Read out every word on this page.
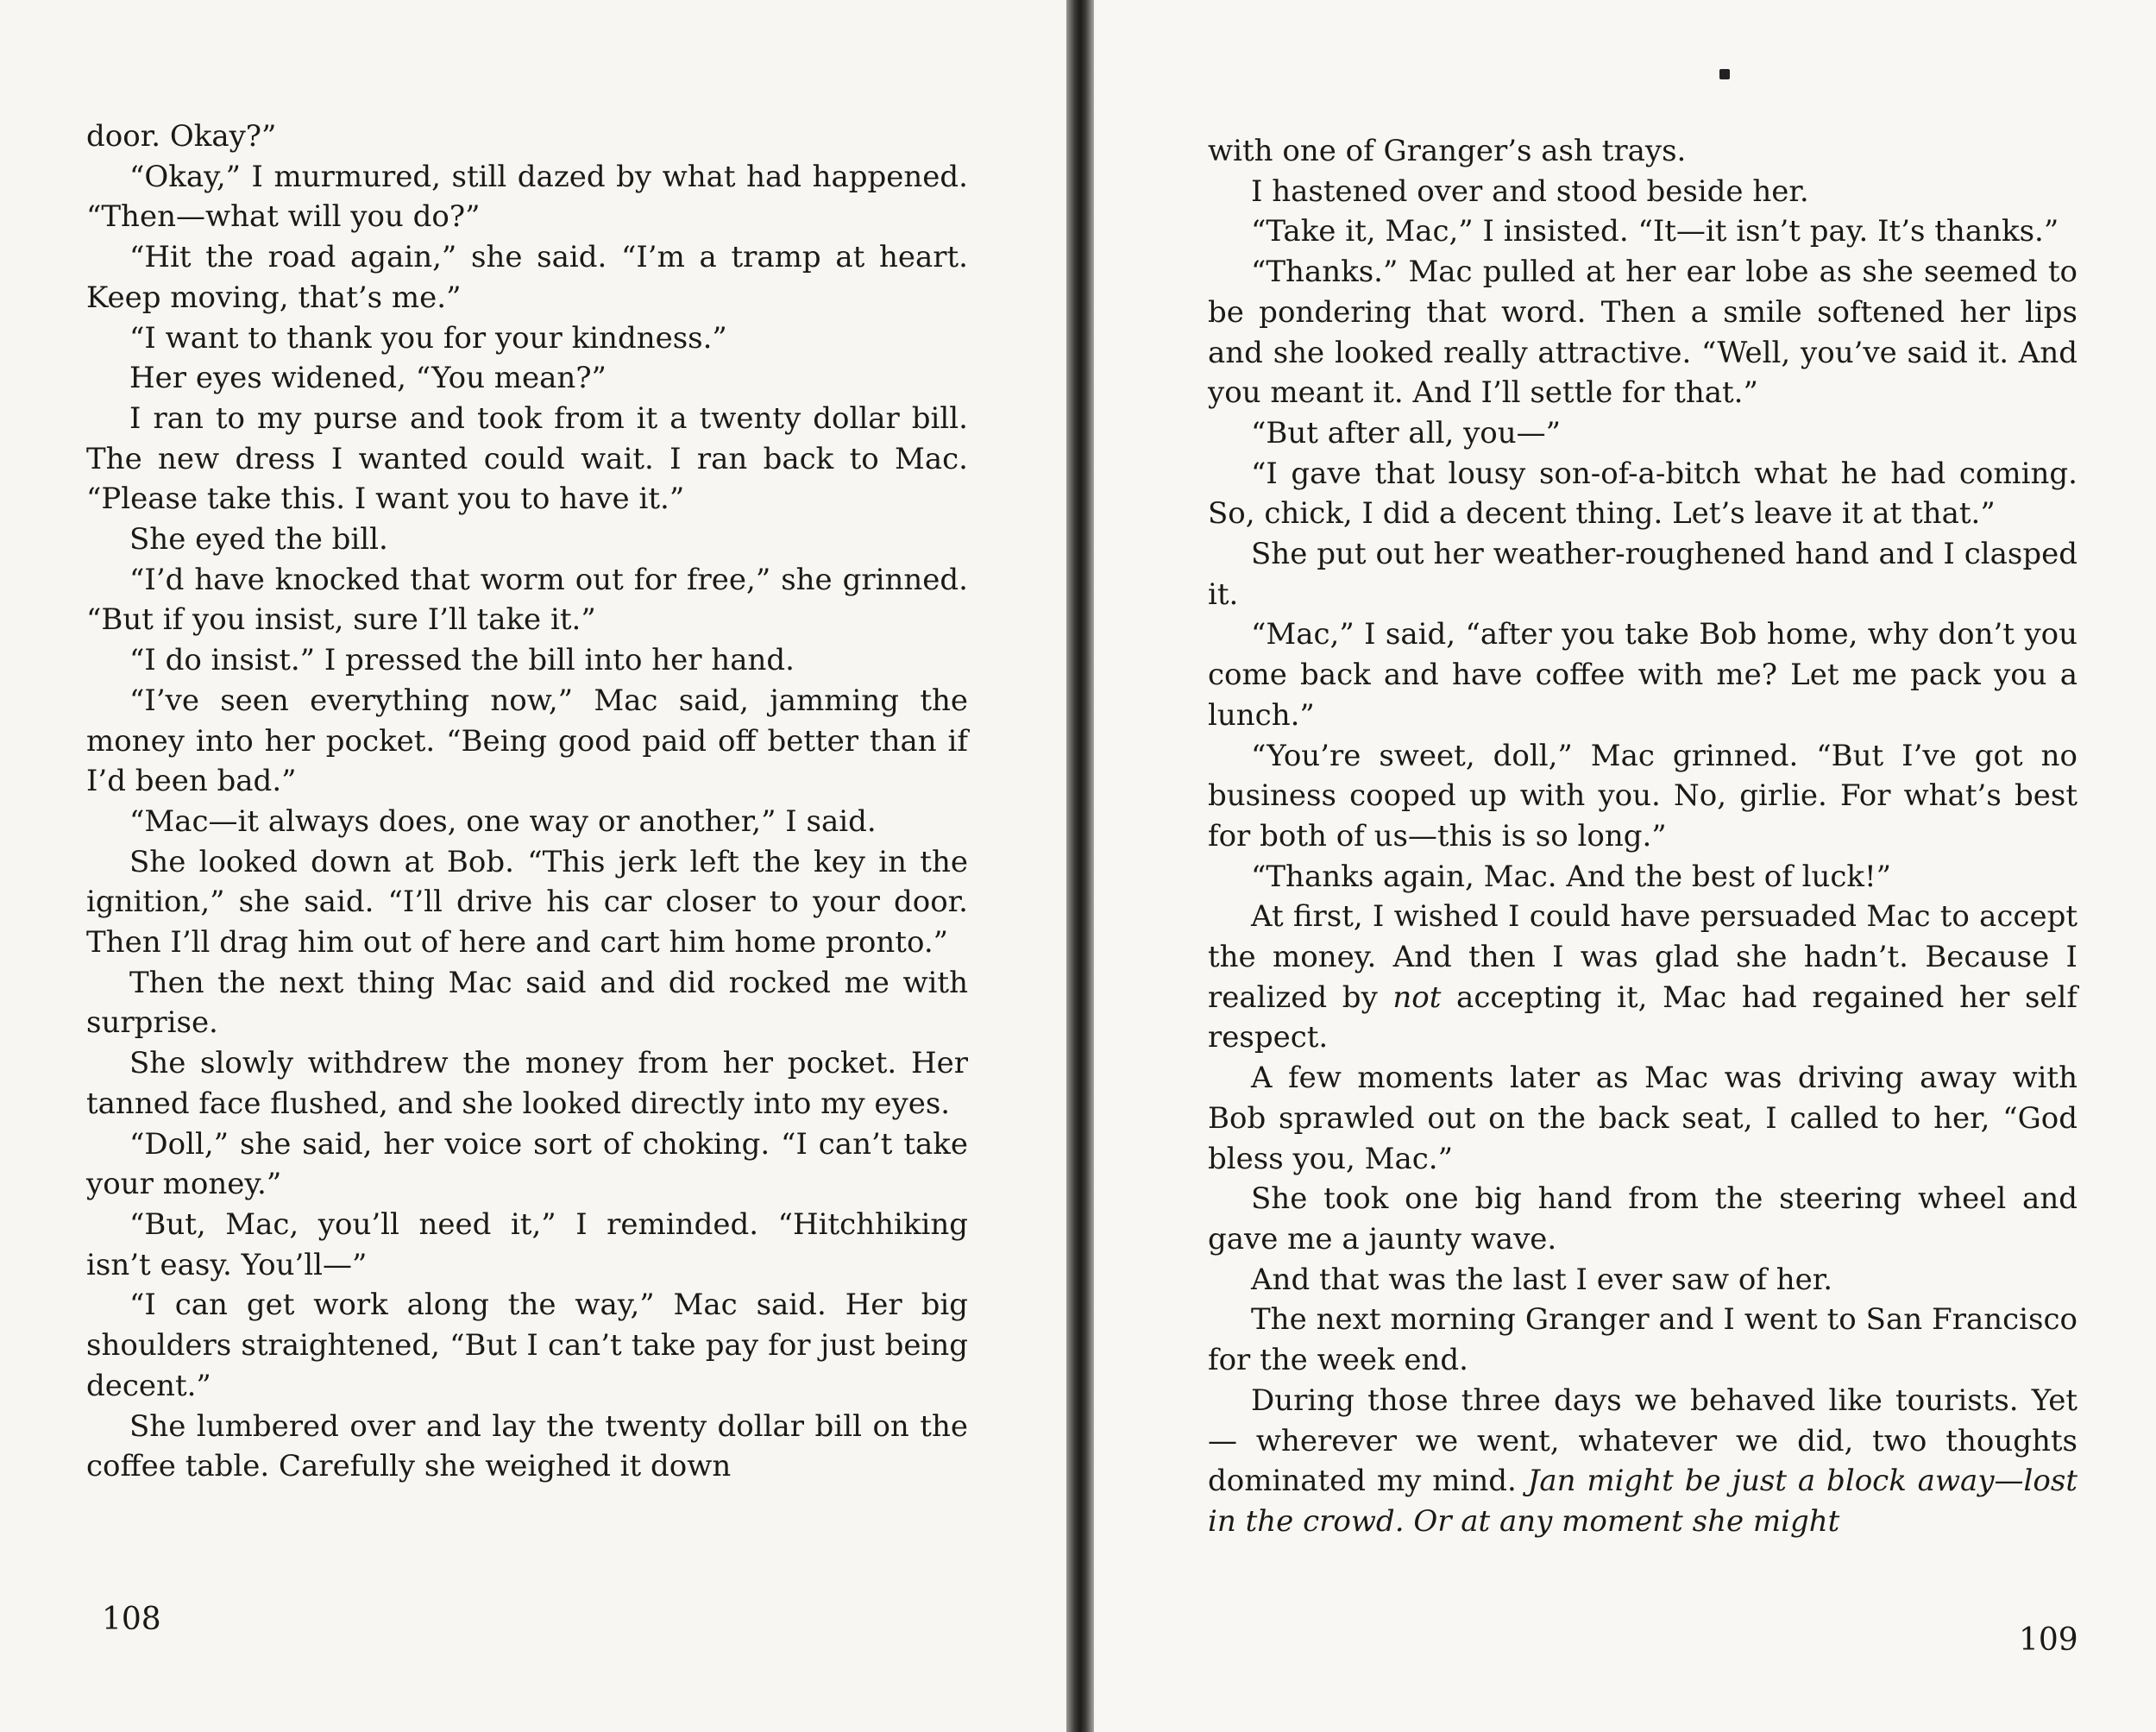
door. Okay?”

“Okay,” I murmured, still dazed by what had happened. “Then—what will you do?”

“Hit the road again,” she said. “I’m a tramp at heart. Keep moving, that’s me.”

“I want to thank you for your kindness.”

Her eyes widened, “You mean?”

I ran to my purse and took from it a twenty dollar bill. The new dress I wanted could wait. I ran back to Mac. “Please take this. I want you to have it.”

She eyed the bill.

“I’d have knocked that worm out for free,” she grinned. “But if you insist, sure I’ll take it.”

“I do insist.” I pressed the bill into her hand.

“I’ve seen everything now,” Mac said, jamming the money into her pocket. “Being good paid off better than if I’d been bad.”

“Mac—it always does, one way or another,” I said.

She looked down at Bob. “This jerk left the key in the ignition,” she said. “I’ll drive his car closer to your door. Then I’ll drag him out of here and cart him home pronto.”

Then the next thing Mac said and did rocked me with surprise.

She slowly withdrew the money from her pocket. Her tanned face flushed, and she looked directly into my eyes.

“Doll,” she said, her voice sort of choking. “I can’t take your money.”

“But, Mac, you’ll need it,” I reminded. “Hitchhiking isn’t easy. You’ll—”

“I can get work along the way,” Mac said. Her big shoulders straightened, “But I can’t take pay for just being decent.”

She lumbered over and lay the twenty dollar bill on the coffee table. Carefully she weighed it down

108

with one of Granger’s ash trays.

I hastened over and stood beside her.

“Take it, Mac,” I insisted. “It—it isn’t pay. It’s thanks.”

“Thanks.” Mac pulled at her ear lobe as she seemed to be pondering that word. Then a smile softened her lips and she looked really attractive. “Well, you’ve said it. And you meant it. And I’ll settle for that.”

“But after all, you—”

“I gave that lousy son-of-a-bitch what he had coming. So, chick, I did a decent thing. Let’s leave it at that.”

She put out her weather-roughened hand and I clasped it.

“Mac,” I said, “after you take Bob home, why don’t you come back and have coffee with me? Let me pack you a lunch.”

“You’re sweet, doll,” Mac grinned. “But I’ve got no business cooped up with you. No, girlie. For what’s best for both of us—this is so long.”

“Thanks again, Mac. And the best of luck!”

At first, I wished I could have persuaded Mac to accept the money. And then I was glad she hadn’t. Because I realized by not accepting it, Mac had regained her self respect.

A few moments later as Mac was driving away with Bob sprawled out on the back seat, I called to her, “God bless you, Mac.”

She took one big hand from the steering wheel and gave me a jaunty wave.

And that was the last I ever saw of her.

The next morning Granger and I went to San Francisco for the week end.

During those three days we behaved like tourists. Yet — wherever we went, whatever we did, two thoughts dominated my mind. Jan might be just a block away—lost in the crowd. Or at any moment she might

109
